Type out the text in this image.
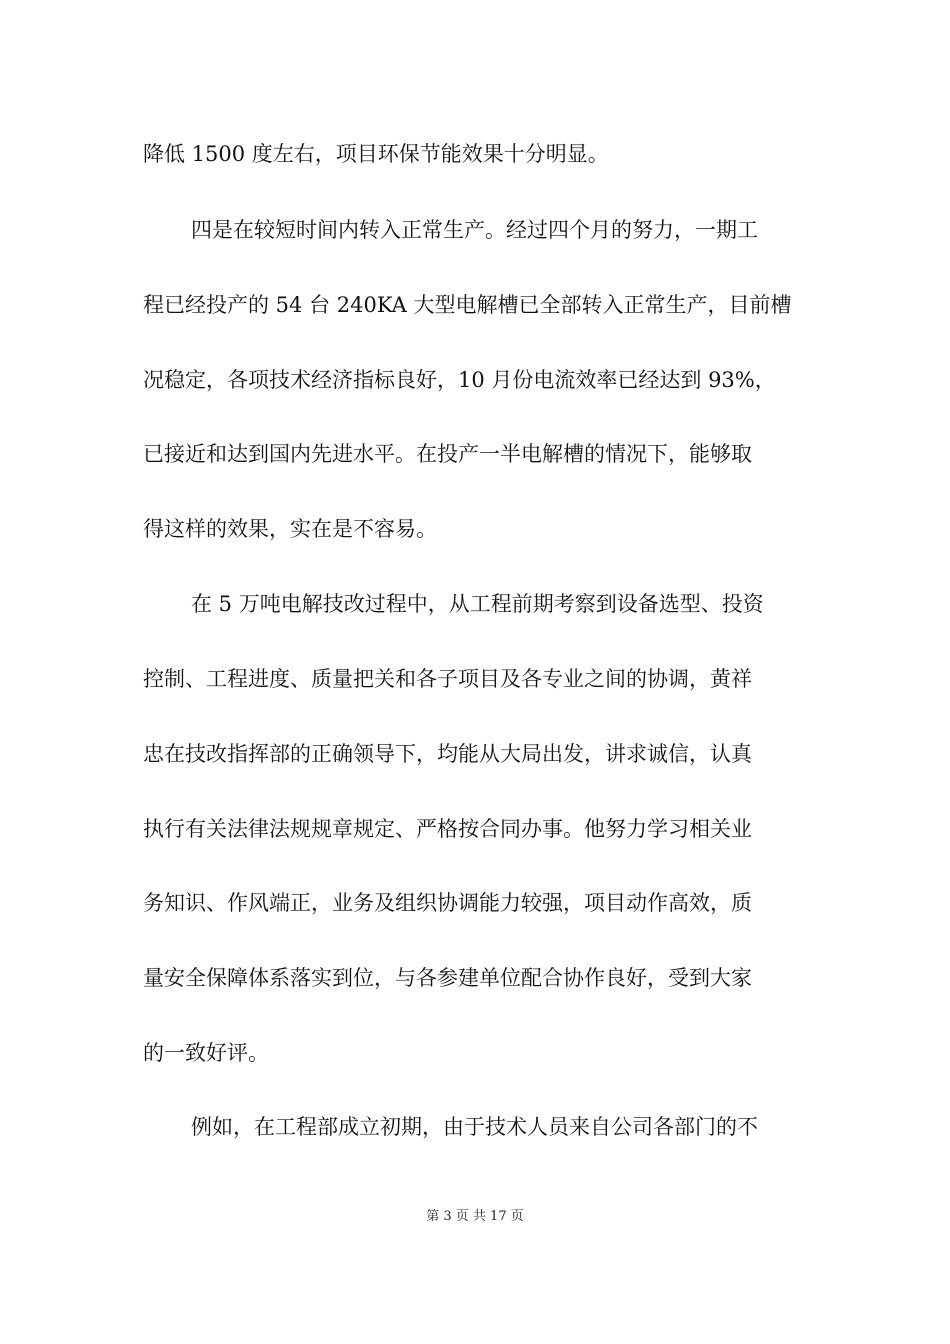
降低 1500 度左右，项目环保节能效果十分明显。
四是在较短时间内转入正常生产。经过四个月的努力，一期工
程已经投产的 54 台 240KA 大型电解槽已全部转入正常生产，目前槽
况稳定，各项技术经济指标良好，10 月份电流效率已经达到 93%，
已接近和达到国内先进水平。在投产一半电解槽的情况下，能够取
得这样的效果，实在是不容易。
在 5 万吨电解技改过程中，从工程前期考察到设备选型、投资
控制、工程进度、质量把关和各子项目及各专业之间的协调，黄祥
忠在技改指挥部的正确领导下，均能从大局出发，讲求诚信，认真
执行有关法律法规规章规定、严格按合同办事。他努力学习相关业
务知识、作风端正，业务及组织协调能力较强，项目动作高效，质
量安全保障体系落实到位，与各参建单位配合协作良好，受到大家
的一致好评。
例如，在工程部成立初期，由于技术人员来自公司各部门的不
第 3 页 共 17 页
